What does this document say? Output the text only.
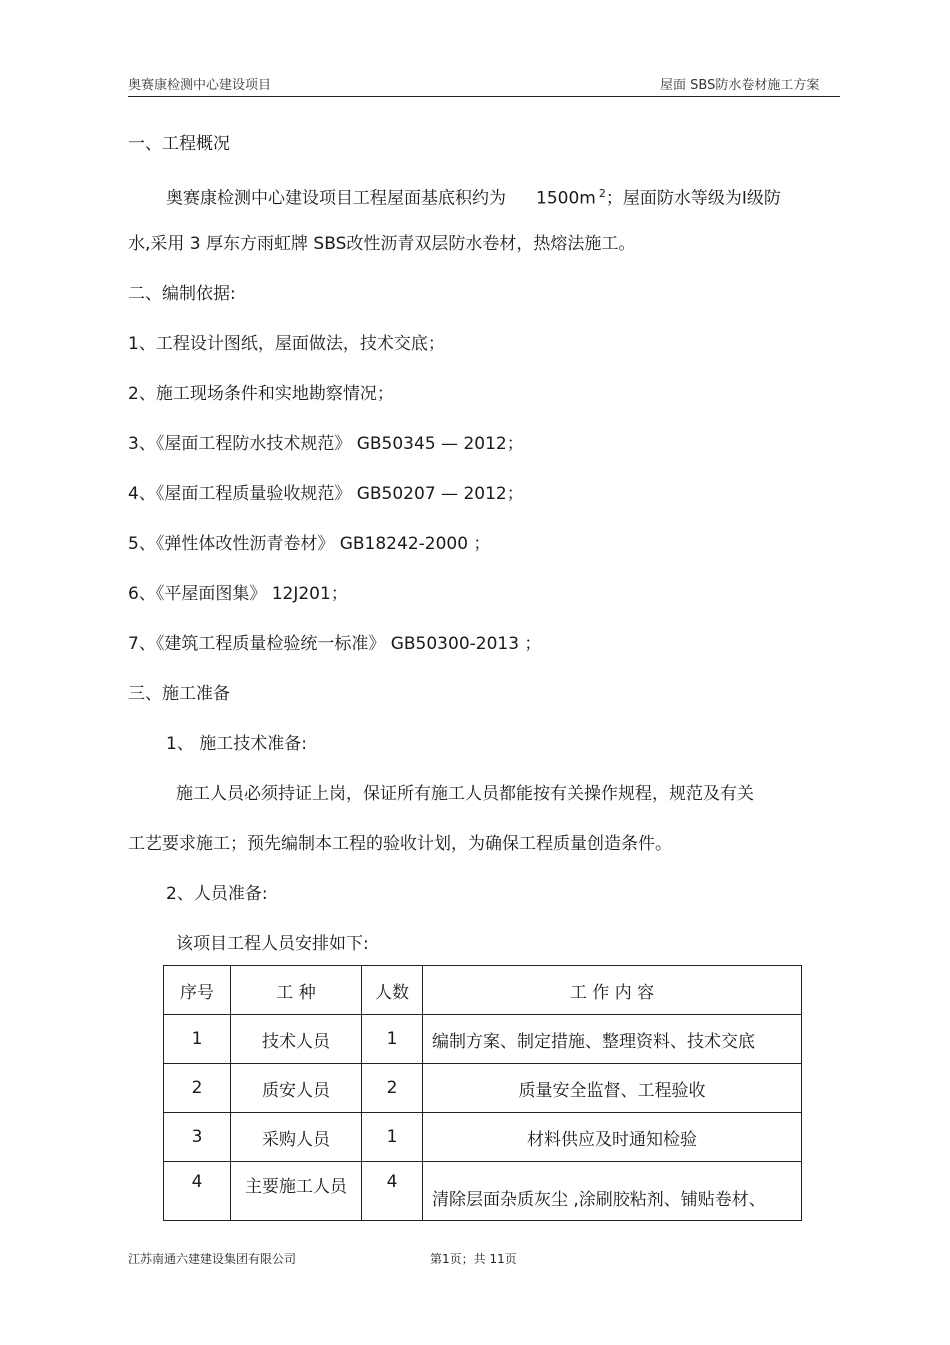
奥赛康检测中心建设项目	屋面 SBS防水卷材施工方案
一、工程概况
奥赛康检测中心建设项目工程屋面基底积约为 1500m $^2$；屋面防水等级为Ⅰ级防
水,采用 3 厚东方雨虹牌 SBS改性沥青双层防水卷材，热熔法施工。
二、编制依据:
1、工程设计图纸，屋面做法，技术交底；
2、施工现场条件和实地勘察情况；
3、《屋面工程防水技术规范》 GB50345 — 2012；
4、《屋面工程质量验收规范》 GB50207 — 2012；
5、《弹性体改性沥青卷材》 GB18242-2000 ；
6、《平屋面图集》 12J201；
7、《建筑工程质量检验统一标准》 GB50300-2013 ；
三、施工准备
1、 施工技术准备:
施工人员必须持证上岗，保证所有施工人员都能按有关操作规程，规范及有关
工艺要求施工；预先编制本工程的验收计划，为确保工程质量创造条件。
2、人员准备:
该项目工程人员安排如下:
序号	工 种	人数	工 作 内 容
1	技术人员	1	编制方案、制定措施、整理资料、技术交底
2	质安人员	2	质量安全监督、工程验收
3	采购人员	1	材料供应及时通知检验
4	主要施工人员	4	清除层面杂质灰尘 ,涂刷胶粘剂、铺贴卷材、
江苏南通六建建设集团有限公司	第1页；共 11页
